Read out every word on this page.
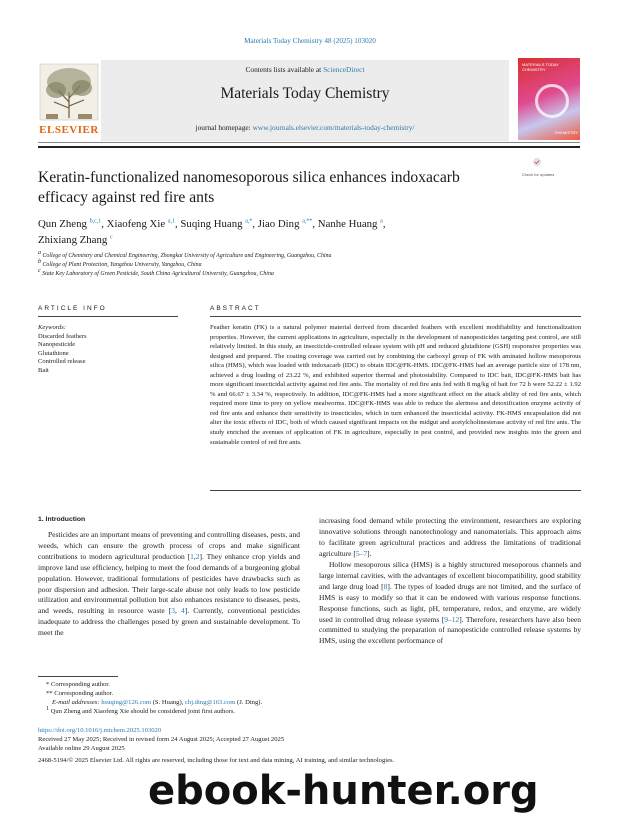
Materials Today Chemistry 48 (2025) 103020
ELSEVIER
Contents lists available at ScienceDirect
Materials Today Chemistry
journal homepage: www.journals.elsevier.com/materials-today-chemistry/
MATERIALS TODAY CHEMISTRY
CHEMISTRY
Keratin-functionalized nanomesoporous silica enhances indoxacarb efficacy against red fire ants
Check for updates
Qun Zheng $^{b,c,1}$, Xiaofeng Xie $^{a,1}$, Suqing Huang $^{a,*}$, Jiao Ding $^{a,**}$, Nanhe Huang $^a$,
Zhixiang Zhang $^c$
$^a$ College of Chemistry and Chemical Engineering, Zhongkai University of Agriculture and Engineering, Guangzhou, China
$^b$ College of Plant Protection, Yangzhou University, Yangzhou, China
$^c$ State Key Laboratory of Green Pesticide, South China Agricultural University, Guangzhou, China
ARTICLE INFO
Keywords:
Discarded feathers
Nanopesticide
Glutathione
Controlled release
Bait
ABSTRACT
Feather keratin (FK) is a natural polymer material derived from discarded feathers with excellent modifiability and functionalization properties. However, the current applications in agriculture, especially in the development of nanopesticides targeting pest control, are still relatively limited. In this study, an insecticide-controlled release system with pH and reduced glutathione (GSH) responsive properties was designed and prepared. The coating coverage was carried out by combining the carboxyl group of FK with aminated hollow mesoporous silica (HMS), which was loaded with indoxacarb (IDC) to obtain IDC@FK-HMS. IDC@FK-HMS had an average particle size of 178 nm, achieved a drug loading of 23.22 %, and exhibited superior thermal and photostability. Compared to IDC bait, IDC@FK-HMS bait has more significant insecticidal activity against red fire ants. The mortality of red fire ants fed with 8 mg/kg of bait for 72 h were 52.22 ± 1.92 % and 66.67 ± 3.34 %, respectively. In addition, IDC@FK-HMS had a more significant effect on the attack ability of red fire ants, which required more time to prey on yellow mealworms. IDC@FK-HMS was able to reduce the alertness and detoxification enzyme activity of red fire ants and enhance their sensitivity to insecticides, which in turn enhanced the insecticidal activity. FK-HMS encapsulation did not alter the toxic effects of IDC, both of which caused significant impacts on the midgut and acetylcholinesterase activity of red fire ants. The study enriched the avenues of application of FK in agriculture, especially in pest control, and provided new insights into the green and sustainable control of red fire ants.
1. Introduction
Pesticides are an important means of preventing and controlling diseases, pests, and weeds, which can ensure the growth process of crops and make significant contributions to modern agricultural production [1,2]. They enhance crop yields and improve land use efficiency, helping to meet the food demands of a burgeoning global population. However, traditional formulations of pesticides have drawbacks such as poor dispersion and adhesion. Their large-scale abuse not only leads to low pesticide utilization and environmental pollution but also enhances resistance to diseases, pests, and weeds, resulting in resource waste [3, 4]. Currently, conventional pesticides inadequate to address the challenges posed by green and sustainable development. To meet the
increasing food demand while protecting the environment, researchers are exploring innovative solutions through nanotechnology and nanomaterials. This approach aims to facilitate green agricultural practices and address the limitations of traditional agriculture [5–7].
Hollow mesoporous silica (HMS) is a highly structured mesoporous channels and large internal cavities, with the advantages of excellent biocompatibility, good stability and large drug load [8]. The types of loaded drugs are not limited, and the surface of HMS is easy to modify so that it can be endowed with various response functions. Response functions, such as light, pH, temperature, redox, and enzyme, are widely used in controlled drug release systems [9–12]. Therefore, researchers have also been committed to studying the preparation of nanopesticide controlled release systems by HMS, using the excellent performance of
* Corresponding author.
** Corresponding author.
E-mail addresses: hsuqing@126.com (S. Huang), chj.ding@163.com (J. Ding).
$^1$ Qun Zheng and Xiaofeng Xie should be considered joint first authors.
https://doi.org/10.1016/j.mtchem.2025.103020
Received 27 May 2025; Received in revised form 24 August 2025; Accepted 27 August 2025
Available online 29 August 2025
2468-5194/© 2025 Elsevier Ltd. All rights are reserved, including those for text and data mining, AI training, and similar technologies.
ebook-hunter.org
